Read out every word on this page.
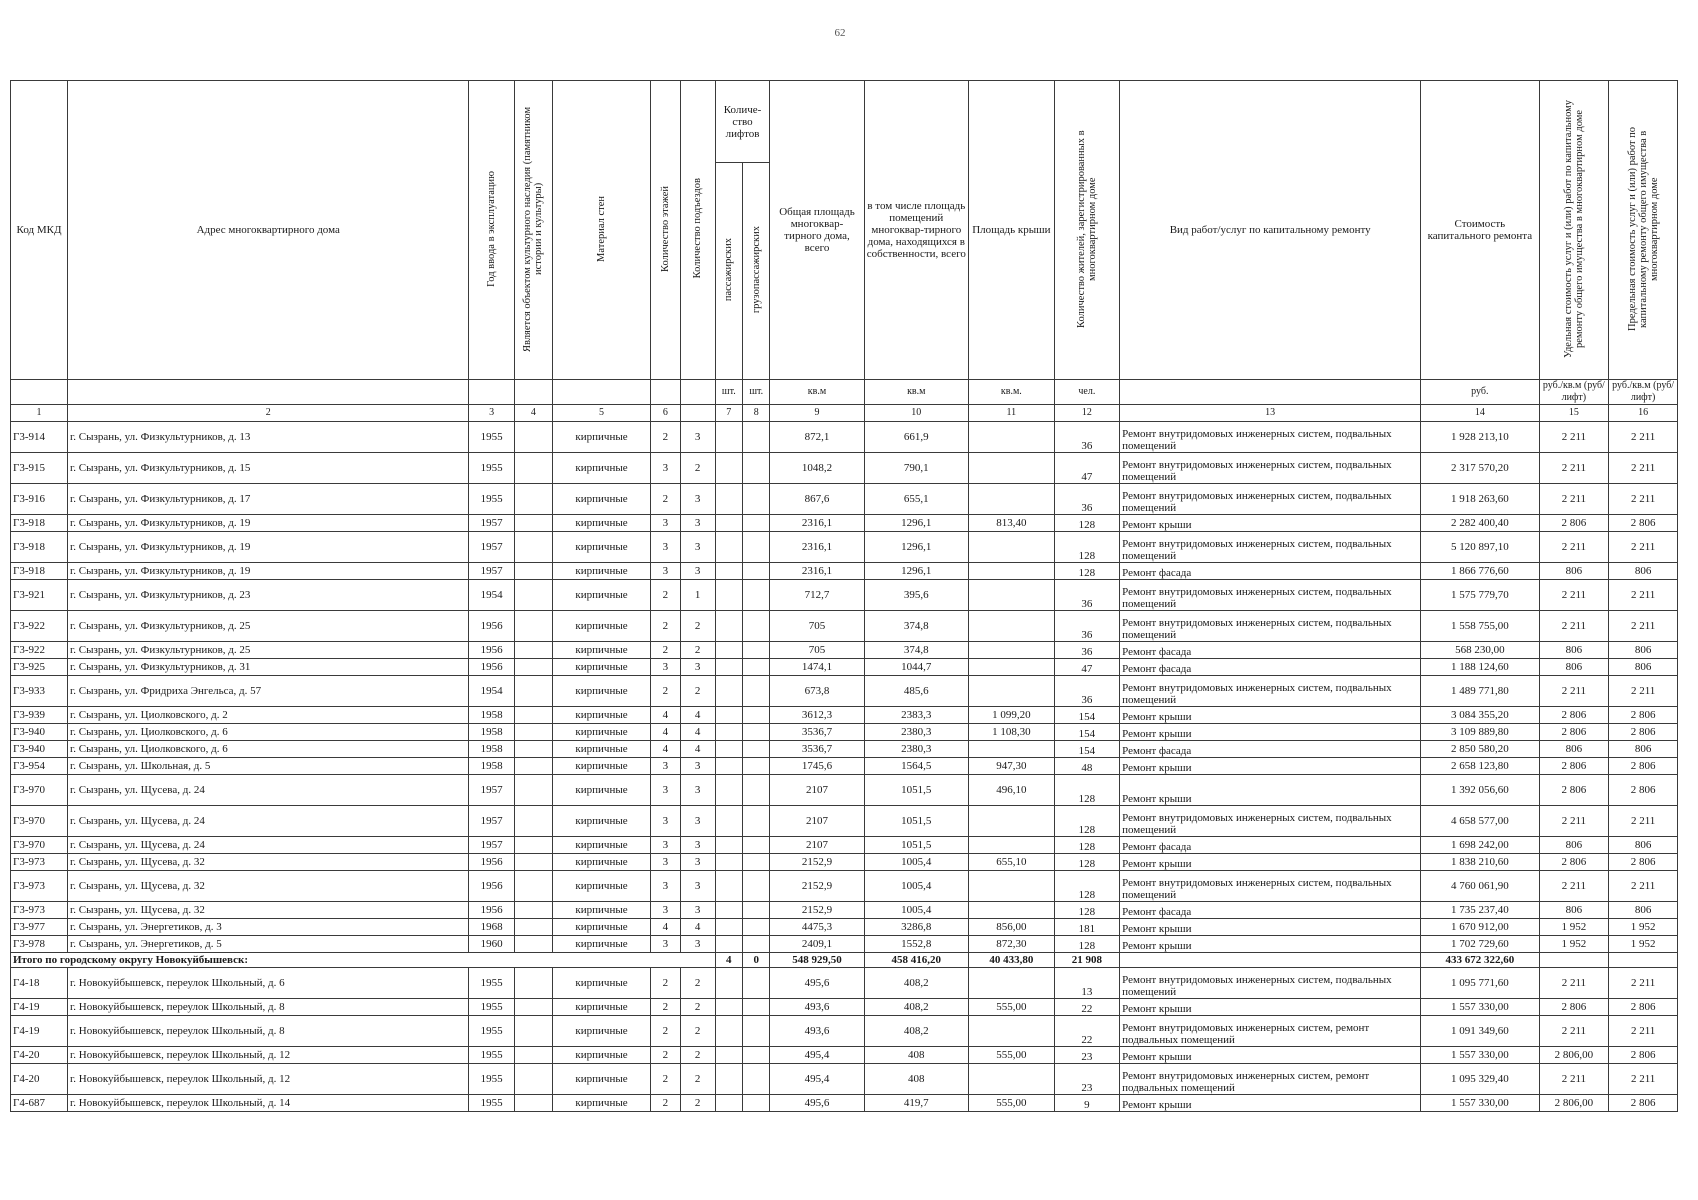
62
Код МКД	Адрес многоквартирного дома	Год ввода в эксплуатацию	Является объектом культурного наследия (памятником истории и культуры)	Материал стен	Количество этажей	Количество подъездов	Количе-ство лифтов		Общая площадь многоквар-тирного дома, всего	в том числе площадь помещений многоквар-тирного дома, находящихся в собственности, всего	Площадь крыши	Количество жителей, зарегистрированных в многоквартирном доме	Вид работ/услуг по капитальному ремонту	Стоимость капитального ремонта	Удельная стоимость услуг и (или) работ по капитальному ремонту общего имущества в многоквартирном доме	Предельная стоимость услуг и (или) работ по капитальному ремонту общего имущества в многоквартирном доме
							пассажирских	грузопассажирских								
							шт.	шт.	кв.м	кв.м	кв.м.	чел.		руб.	руб./кв.м (руб/лифт)	руб./кв.м (руб/лифт)
1	2	3	4	5	6		7	8	9	10	11	12	13	14	15	16
Г3-914	г. Сызрань, ул. Физкультурников, д. 13	1955		кирпичные	2	3			872,1	661,9		36	Ремонт внутридомовых инженерных систем, подвальных помещений	1 928 213,10	2 211	2 211
Г3-915	г. Сызрань, ул. Физкультурников, д. 15	1955		кирпичные	3	2			1048,2	790,1		47	Ремонт внутридомовых инженерных систем, подвальных помещений	2 317 570,20	2 211	2 211
Г3-916	г. Сызрань, ул. Физкультурников, д. 17	1955		кирпичные	2	3			867,6	655,1		36	Ремонт внутридомовых инженерных систем, подвальных помещений	1 918 263,60	2 211	2 211
Г3-918	г. Сызрань, ул. Физкультурников, д. 19	1957		кирпичные	3	3			2316,1	1296,1	813,40	128	Ремонт крыши	2 282 400,40	2 806	2 806
Г3-918	г. Сызрань, ул. Физкультурников, д. 19	1957		кирпичные	3	3			2316,1	1296,1		128	Ремонт внутридомовых инженерных систем, подвальных помещений	5 120 897,10	2 211	2 211
Г3-918	г. Сызрань, ул. Физкультурников, д. 19	1957		кирпичные	3	3			2316,1	1296,1		128	Ремонт фасада	1 866 776,60	806	806
Г3-921	г. Сызрань, ул. Физкультурников, д. 23	1954		кирпичные	2	1			712,7	395,6		36	Ремонт внутридомовых инженерных систем, подвальных помещений	1 575 779,70	2 211	2 211
Г3-922	г. Сызрань, ул. Физкультурников, д. 25	1956		кирпичные	2	2			705	374,8		36	Ремонт внутридомовых инженерных систем, подвальных помещений	1 558 755,00	2 211	2 211
Г3-922	г. Сызрань, ул. Физкультурников, д. 25	1956		кирпичные	2	2			705	374,8		36	Ремонт фасада	568 230,00	806	806
Г3-925	г. Сызрань, ул. Физкультурников, д. 31	1956		кирпичные	3	3			1474,1	1044,7		47	Ремонт фасада	1 188 124,60	806	806
Г3-933	г. Сызрань, ул. Фридриха Энгельса, д. 57	1954		кирпичные	2	2			673,8	485,6		36	Ремонт внутридомовых инженерных систем, подвальных помещений	1 489 771,80	2 211	2 211
Г3-939	г. Сызрань, ул. Циолковского, д. 2	1958		кирпичные	4	4			3612,3	2383,3	1 099,20	154	Ремонт крыши	3 084 355,20	2 806	2 806
Г3-940	г. Сызрань, ул. Циолковского, д. 6	1958		кирпичные	4	4			3536,7	2380,3	1 108,30	154	Ремонт крыши	3 109 889,80	2 806	2 806
Г3-940	г. Сызрань, ул. Циолковского, д. 6	1958		кирпичные	4	4			3536,7	2380,3		154	Ремонт фасада	2 850 580,20	806	806
Г3-954	г. Сызрань, ул. Школьная, д. 5	1958		кирпичные	3	3			1745,6	1564,5	947,30	48	Ремонт крыши	2 658 123,80	2 806	2 806
Г3-970	г. Сызрань, ул. Щусева, д. 24	1957		кирпичные	3	3			2107	1051,5	496,10	128	Ремонт крыши	1 392 056,60	2 806	2 806
Г3-970	г. Сызрань, ул. Щусева, д. 24	1957		кирпичные	3	3			2107	1051,5		128	Ремонт внутридомовых инженерных систем, подвальных помещений	4 658 577,00	2 211	2 211
Г3-970	г. Сызрань, ул. Щусева, д. 24	1957		кирпичные	3	3			2107	1051,5		128	Ремонт фасада	1 698 242,00	806	806
Г3-973	г. Сызрань, ул. Щусева, д. 32	1956		кирпичные	3	3			2152,9	1005,4	655,10	128	Ремонт крыши	1 838 210,60	2 806	2 806
Г3-973	г. Сызрань, ул. Щусева, д. 32	1956		кирпичные	3	3			2152,9	1005,4		128	Ремонт внутридомовых инженерных систем, подвальных помещений	4 760 061,90	2 211	2 211
Г3-973	г. Сызрань, ул. Щусева, д. 32	1956		кирпичные	3	3			2152,9	1005,4		128	Ремонт фасада	1 735 237,40	806	806
Г3-977	г. Сызрань, ул. Энергетиков, д. 3	1968		кирпичные	4	4			4475,3	3286,8	856,00	181	Ремонт крыши	1 670 912,00	1 952	1 952
Г3-978	г. Сызрань, ул. Энергетиков, д. 5	1960		кирпичные	3	3			2409,1	1552,8	872,30	128	Ремонт крыши	1 702 729,60	1 952	1 952
Итого по городскому округу Новокуйбышевск:							4	0	548 929,50	458 416,20	40 433,80	21 908		433 672 322,60		
Г4-18	г. Новокуйбышевск, переулок Школьный, д. 6	1955		кирпичные	2	2			495,6	408,2		13	Ремонт внутридомовых инженерных систем, подвальных помещений	1 095 771,60	2 211	2 211
Г4-19	г. Новокуйбышевск, переулок Школьный, д. 8	1955		кирпичные	2	2			493,6	408,2	555,00	22	Ремонт крыши	1 557 330,00	2 806	2 806
Г4-19	г. Новокуйбышевск, переулок Школьный, д. 8	1955		кирпичные	2	2			493,6	408,2		22	Ремонт внутридомовых инженерных систем, ремонт подвальных помещений	1 091 349,60	2 211	2 211
Г4-20	г. Новокуйбышевск, переулок Школьный, д. 12	1955		кирпичные	2	2			495,4	408	555,00	23	Ремонт крыши	1 557 330,00	2 806,00	2 806
Г4-20	г. Новокуйбышевск, переулок Школьный, д. 12	1955		кирпичные	2	2			495,4	408		23	Ремонт внутридомовых инженерных систем, ремонт подвальных помещений	1 095 329,40	2 211	2 211
Г4-687	г. Новокуйбышевск, переулок Школьный, д. 14	1955		кирпичные	2	2			495,6	419,7	555,00	9	Ремонт крыши	1 557 330,00	2 806,00	2 806
